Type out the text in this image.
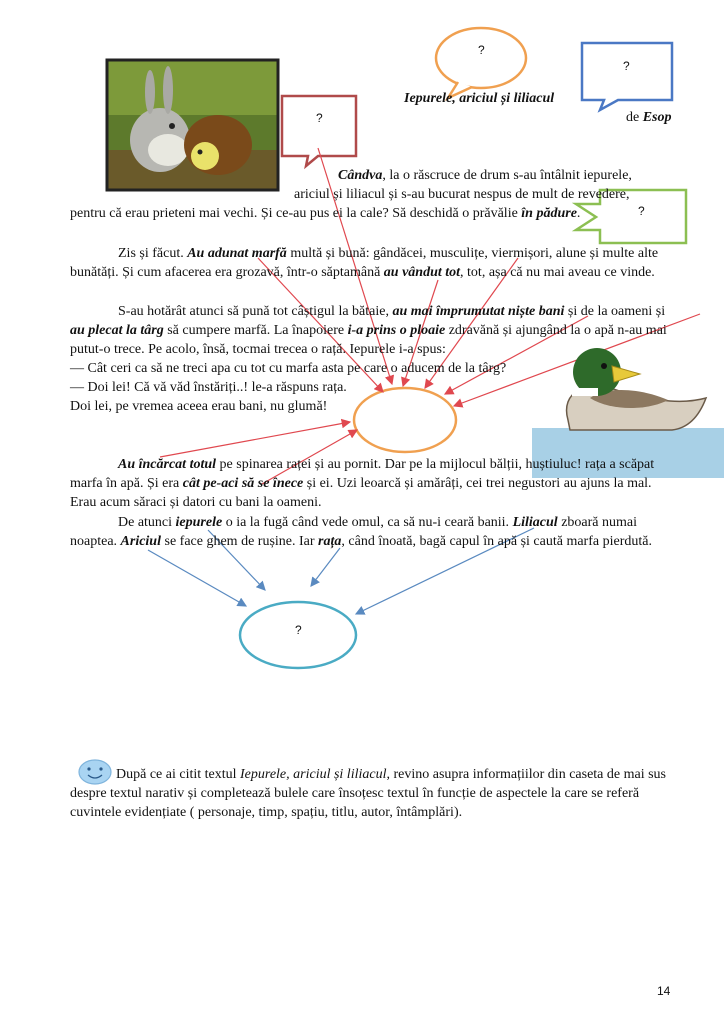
?
?
?
?
?
Iepurele, ariciul și liliacul
de Esop
Cândva, la o răscruce de drum s-au întâlnit iepurele,
ariciul și liliacul și s-au bucurat nespus de mult de revedere,
pentru că erau prieteni mai vechi. Și ce-au pus ei la cale? Să deschidă o prăvălie în pădure.

Zis și făcut. Au adunat marfă multă și bună: gândăcei, musculițe, viermișori, alune și multe alte bunătăți. Și cum afacerea era grozavă, într-o săptamână au vândut tot, tot, așa că nu mai aveau ce vinde.

S-au hotărât atunci să pună tot câștigul la bătaie, au mai împrumutat niște bani și de la oameni și au plecat la târg să cumpere marfă. La înapoiere i-a prins o ploaie zdravănă și ajungând la o apă n-au mai putut-o trece. Pe acolo, însă, tocmai trecea o rață. Iepurele i-a spus:

— Cât ceri ca să ne treci apa cu tot cu marfa asta pe care o aducem de la târg?
— Doi lei! Că vă văd înstăriți..! le-a răspuns rața.
Doi lei, pe vremea aceea erau bani, nu glumă!

Au încărcat totul pe spinarea raței și au pornit. Dar pe la mijlocul bălții, huștiuluc! rața a scăpat marfa în apă. Și era cât pe-aci să se înece și ei. Uzi leoarcă și amărâți, cei trei negustori au ajuns la mal. Erau acum săraci și datori cu bani la oameni.

De atunci iepurele o ia la fugă când vede omul, ca să nu-i ceară banii. Liliacul zboară numai noaptea. Ariciul se face ghem de rușine. Iar rața, când înoată, bagă capul în apă și caută marfa pierdută.

După ce ai citit textul Iepurele, ariciul și liliacul, revino asupra informațiilor din caseta de mai sus despre textul narativ și completează bulele care însoțesc textul în funcție de aspectele la care se referă cuvintele evidențiate ( personaje, timp, spațiu, titlu, autor, întâmplări).

14
